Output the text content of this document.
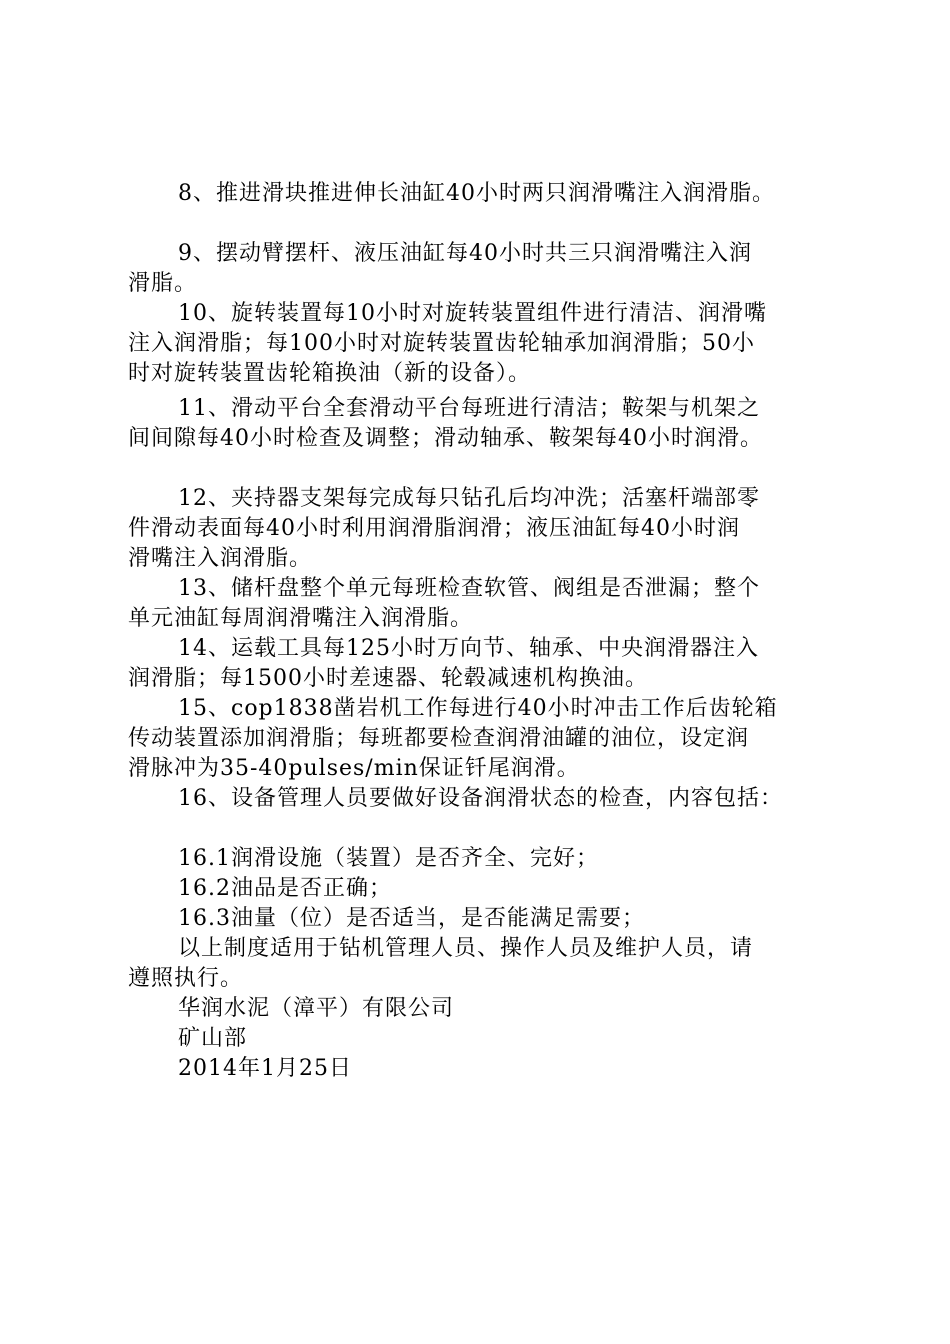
8、推进滑块推进伸长油缸40小时两只润滑嘴注入润滑脂。
9、摆动臂摆杆、液压油缸每40小时共三只润滑嘴注入润
滑脂。
10、旋转装置每10小时对旋转装置组件进行清洁、润滑嘴
注入润滑脂；每100小时对旋转装置齿轮轴承加润滑脂；50小
时对旋转装置齿轮箱换油（新的设备）。
11、滑动平台全套滑动平台每班进行清洁；鞍架与机架之
间间隙每40小时检查及调整；滑动轴承、鞍架每40小时润滑。
12、夹持器支架每完成每只钻孔后均冲洗；活塞杆端部零
件滑动表面每40小时利用润滑脂润滑；液压油缸每40小时润
滑嘴注入润滑脂。
13、储杆盘整个单元每班检查软管、阀组是否泄漏；整个
单元油缸每周润滑嘴注入润滑脂。
14、运载工具每125小时万向节、轴承、中央润滑器注入
润滑脂；每1500小时差速器、轮毂减速机构换油。
15、cop1838凿岩机工作每进行40小时冲击工作后齿轮箱
传动装置添加润滑脂；每班都要检查润滑油罐的油位，设定润
滑脉冲为35-40pulses/min保证钎尾润滑。
16、设备管理人员要做好设备润滑状态的检查，内容包括：
16.1润滑设施（装置）是否齐全、完好；
16.2油品是否正确；
16.3油量（位）是否适当，是否能满足需要；
以上制度适用于钻机管理人员、操作人员及维护人员，请
遵照执行。
华润水泥（漳平）有限公司
矿山部
2014年1月25日
